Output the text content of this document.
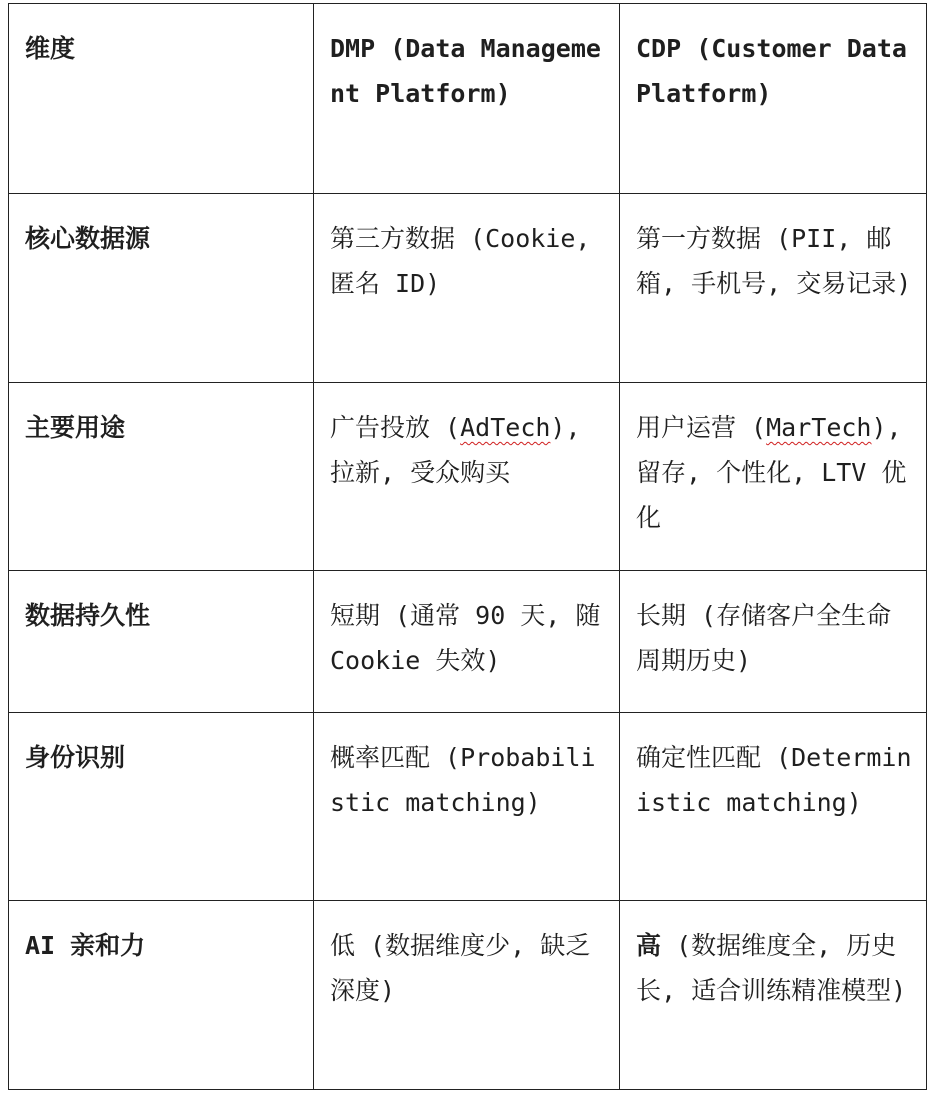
维度	DMP (Data Management Platform)	CDP (Customer Data Platform)
核心数据源	第三方数据 (Cookie, 匿名 ID)	第一方数据 (PII, 邮箱, 手机号, 交易记录)
主要用途	广告投放 (AdTech), 拉新, 受众购买	用户运营 (MarTech), 留存, 个性化, LTV 优化
数据持久性	短期 (通常 90 天, 随 Cookie 失效)	长期 (存储客户全生命周期历史)
身份识别	概率匹配 (Probabilistic matching)	确定性匹配 (Deterministic matching)
AI 亲和力	低 (数据维度少, 缺乏深度)	高 (数据维度全, 历史长, 适合训练精准模型)
